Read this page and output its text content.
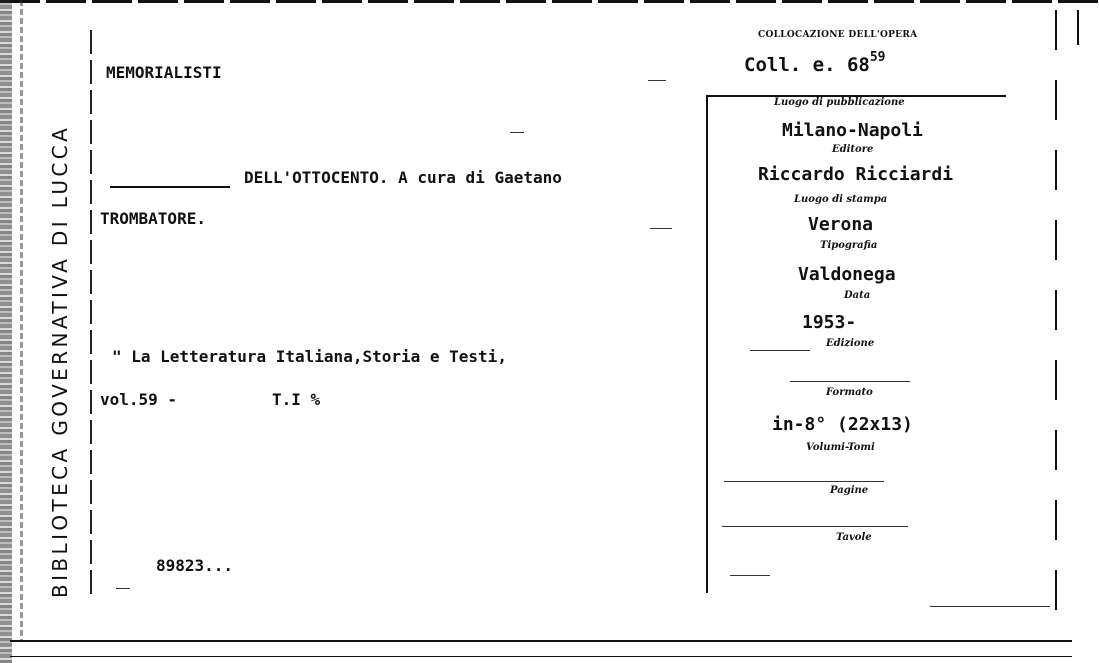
BIBLIOTECA GOVERNATIVA DI LUCCA
MEMORIALISTI
DELL'OTTOCENTO. A cura di Gaetano
TROMBATORE.
" La Letteratura Italiana,Storia e Testi,
vol.59 -	T.I %
89823...
COLLOCAZIONE DELL'OPERA
Coll. e. $68^{59}$
Luogo di pubblicazione
Milano-Napoli
Editore
Riccardo Ricciardi
Luogo di stampa
Verona
Tipografia
Valdonega
Data
1953-
Edizione
Formato
in-8° (22x13)
Volumi-Tomi
Pagine
Tavole
